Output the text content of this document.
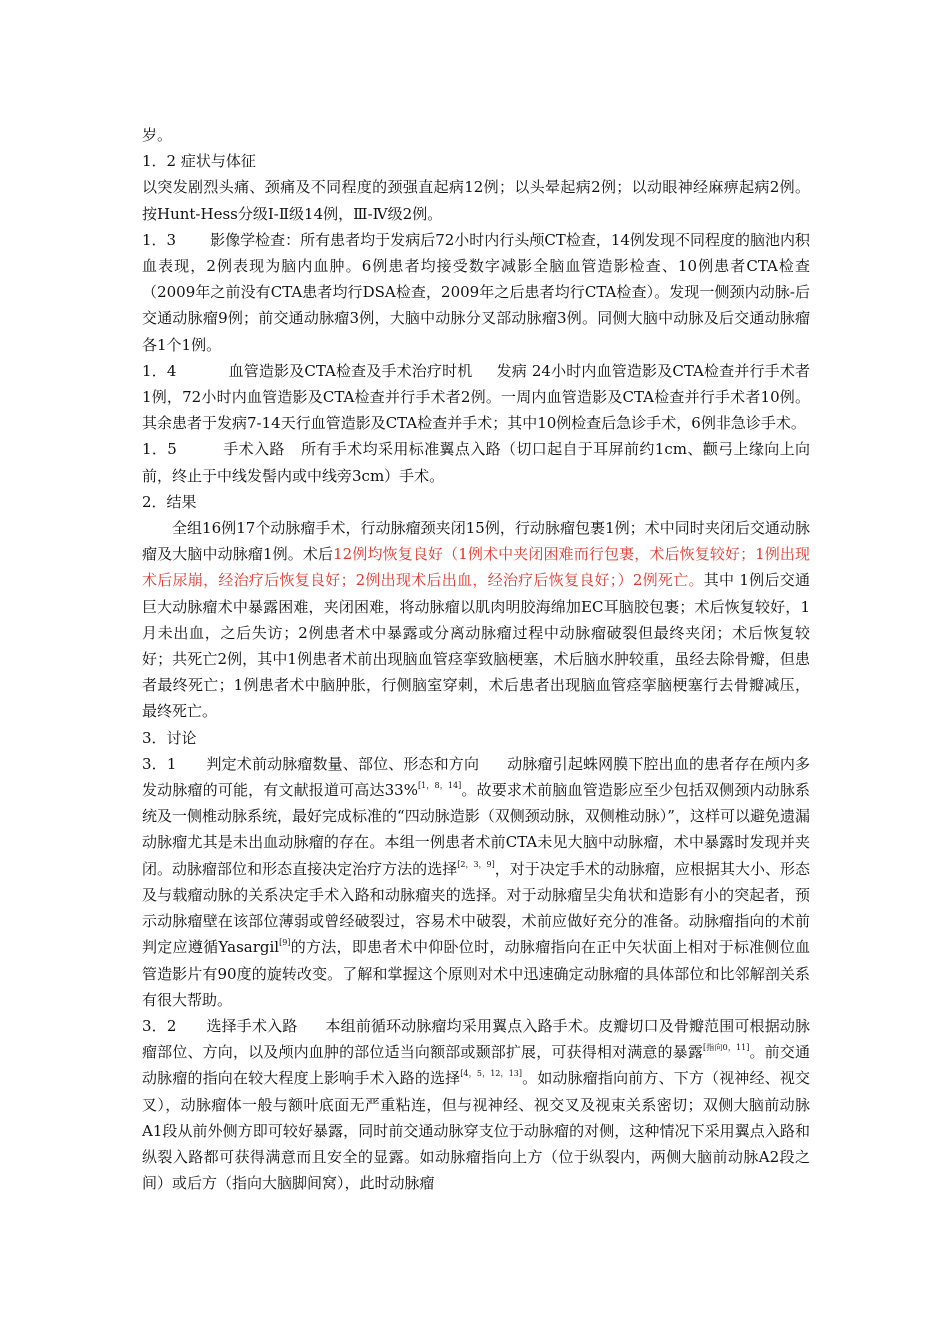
岁。

1．2 症状与体征

以突发剧烈头痛、颈痛及不同程度的颈强直起病12例；以头晕起病2例；以动眼神经麻痹起病2例。按Hunt-Hess分级Ⅰ-Ⅱ级14例，Ⅲ-Ⅳ级2例。

1．3 影像学检查：所有患者均于发病后72小时内行头颅CT检查，14例发现不同程度的脑池内积血表现，2例表现为脑内血肿。6例患者均接受数字减影全脑血管造影检查、10例患者CTA检查（2009年之前没有CTA患者均行DSA检查，2009年之后患者均行CTA检查）。发现一侧颈内动脉-后交通动脉瘤9例；前交通动脉瘤3例，大脑中动脉分叉部动脉瘤3例。同侧大脑中动脉及后交通动脉瘤各1个1例。

1．4	血管造影及CTA检查及手术治疗时机 发病 24小时内血管造影及CTA检查并行手术者1例，72小时内血管造影及CTA检查并行手术者2例。一周内血管造影及CTA检查并行手术者10例。其余患者于发病7-14天行血管造影及CTA检查并手术；其中10例检查后急诊手术，6例非急诊手术。

1．5	手术入路 所有手术均采用标准翼点入路（切口起自于耳屏前约1cm、颧弓上缘向上向前，终止于中线发髻内或中线旁3cm）手术。

2．结果

全组16例17个动脉瘤手术，行动脉瘤颈夹闭15例，行动脉瘤包裹1例；术中同时夹闭后交通动脉瘤及大脑中动脉瘤1例。术后12例均恢复良好（1例术中夹闭困难而行包裹，术后恢复较好；1例出现术后尿崩，经治疗后恢复良好；2例出现术后出血，经治疗后恢复良好；）2例死亡。其中 1例后交通巨大动脉瘤术中暴露困难，夹闭困难，将动脉瘤以肌肉明胶海绵加EC耳脑胶包裹；术后恢复较好，1月未出血，之后失访；2例患者术中暴露或分离动脉瘤过程中动脉瘤破裂但最终夹闭；术后恢复较好；共死亡2例，其中1例患者术前出现脑血管痉挛致脑梗塞，术后脑水肿较重，虽经去除骨瓣，但患者最终死亡；1例患者术中脑肿胀，行侧脑室穿刺，术后患者出现脑血管痉挛脑梗塞行去骨瓣减压，最终死亡。

3．讨论

3．1 判定术前动脉瘤数量、部位、形态和方向 动脉瘤引起蛛网膜下腔出血的患者存在颅内多发动脉瘤的可能，有文献报道可高达33%[1，8，14]。故要求术前脑血管造影应至少包括双侧颈内动脉系统及一侧椎动脉系统，最好完成标准的“四动脉造影（双侧颈动脉，双侧椎动脉）”，这样可以避免遗漏动脉瘤尤其是未出血动脉瘤的存在。本组一例患者术前CTA未见大脑中动脉瘤，术中暴露时发现并夹闭。动脉瘤部位和形态直接决定治疗方法的选择[2，3，9]，对于决定手术的动脉瘤，应根据其大小、形态及与载瘤动脉的关系决定手术入路和动脉瘤夹的选择。对于动脉瘤呈尖角状和造影有小的突起者，预示动脉瘤壁在该部位薄弱或曾经破裂过，容易术中破裂，术前应做好充分的准备。动脉瘤指向的术前判定应遵循Yasargil[9]的方法，即患者术中仰卧位时，动脉瘤指向在正中矢状面上相对于标准侧位血管造影片有90度的旋转改变。了解和掌握这个原则对术中迅速确定动脉瘤的具体部位和比邻解剖关系有很大帮助。

3．2 选择手术入路 本组前循环动脉瘤均采用翼点入路手术。皮瓣切口及骨瓣范围可根据动脉瘤部位、方向，以及颅内血肿的部位适当向额部或颞部扩展，可获得相对满意的暴露[指向0，11]。前交通动脉瘤的指向在较大程度上影响手术入路的选择[4，5，12，13]。如动脉瘤指向前方、下方（视神经、视交叉），动脉瘤体一般与额叶底面无严重粘连，但与视神经、视交叉及视束关系密切；双侧大脑前动脉A1段从前外侧方即可较好暴露，同时前交通动脉穿支位于动脉瘤的对侧，这种情况下采用翼点入路和纵裂入路都可获得满意而且安全的显露。如动脉瘤指向上方（位于纵裂内，两侧大脑前动脉A2段之间）或后方（指向大脑脚间窝），此时动脉瘤
